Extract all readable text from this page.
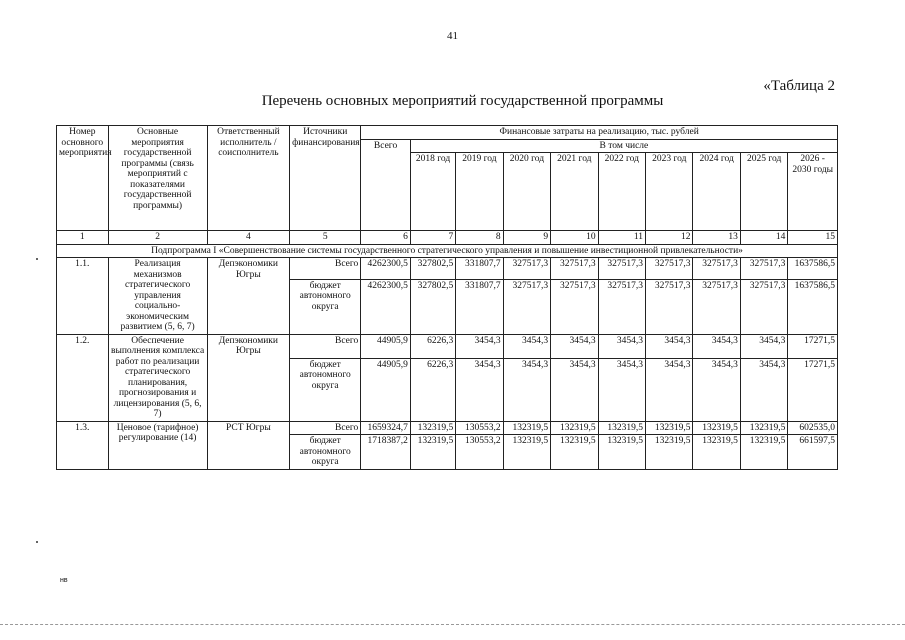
41
«Таблица 2
Перечень основных мероприятий государственной программы
Номер основного мероприятия	Основные мероприятия государственной программы (связь мероприятий с показателями государственной программы)	Ответственный исполнитель / соисполнитель	Источники финансирования	Финансовые затраты на реализацию, тыс. рублей									
				Всего	В том числе								
					2018 год	2019 год	2020 год	2021 год	2022 год	2023 год	2024 год	2025 год	2026 - 2030 годы
1	2	4	5	6	7	8	9	10	11	12	13	14	15
Подпрограмма I «Совершенствование системы государственного стратегического управления и повышение инвестиционной привлекательности»													
1.1.	Реализация механизмов стратегического управления социально-экономическим развитием (5, 6, 7)	Депэкономики Югры	Всего	4262300,5	327802,5	331807,7	327517,3	327517,3	327517,3	327517,3	327517,3	327517,3	1637586,5
			бюджет автономного округа	4262300,5	327802,5	331807,7	327517,3	327517,3	327517,3	327517,3	327517,3	327517,3	1637586,5
1.2.	Обеспечение выполнения комплекса работ по реализации стратегического планирования, прогнозирования и лицензирования (5, 6, 7)	Депэкономики Югры	Всего	44905,9	6226,3	3454,3	3454,3	3454,3	3454,3	3454,3	3454,3	3454,3	17271,5
			бюджет автономного округа	44905,9	6226,3	3454,3	3454,3	3454,3	3454,3	3454,3	3454,3	3454,3	17271,5
1.3.	Ценовое (тарифное) регулирование (14)	РСТ Югры	Всего	1659324,7	132319,5	130553,2	132319,5	132319,5	132319,5	132319,5	132319,5	132319,5	602535,0
			бюджет автономного округа	1718387,2	132319,5	130553,2	132319,5	132319,5	132319,5	132319,5	132319,5	132319,5	661597,5
нв
